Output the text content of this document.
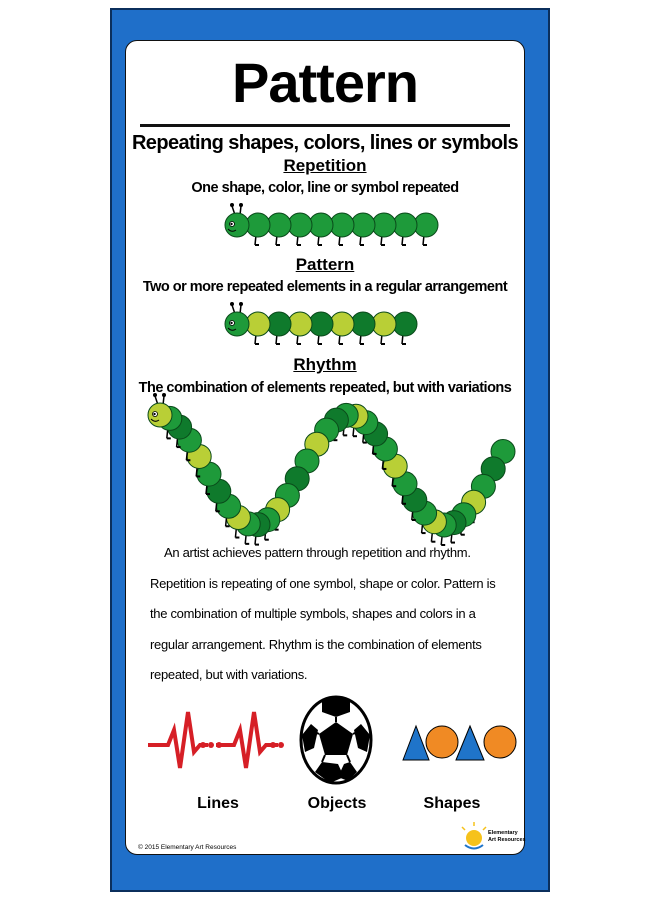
Pattern
Repeating shapes, colors, lines or symbols
Repetition
One shape, color, line or symbol repeated
Pattern
Two or more repeated elements in a regular arrangement
Rhythm
The combination of elements repeated, but with variations
An artist achieves pattern through repetition and rhythm. Repetition is repeating of one symbol, shape or color. Pattern is the combination of multiple symbols, shapes and colors in a regular arrangement. Rhythm is the combination of elements repeated, but with variations.
Lines	Objects	Shapes
© 2015 Elementary Art Resources
Elementary
Art Resources
